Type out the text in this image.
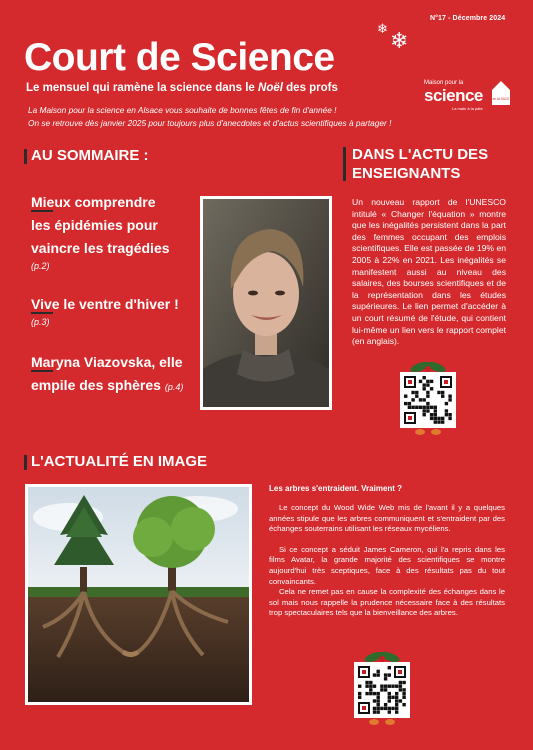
N°17 - Décembre 2024
❄ ❄
Court de Science
Le mensuel qui ramène la science dans le Noël des profs	Maison pour la
science
La main à la pâte
en ALSACE
La Maison pour la science en Alsace vous souhaite de bonnes fêtes de fin d'année !
On se retrouve dès janvier 2025 pour toujours plus d'anecdotes et d'actus scientifiques à partager !
AU SOMMAIRE :
Mieux comprendre
les épidémies pour
vaincre les tragédies
(p.2)
Vive le ventre d'hiver !
(p.3)
Maryna Viazovska, elle
empile des sphères (p.4)
DANS L'ACTU DES
ENSEIGNANTS
Un nouveau rapport de l'UNESCO intitulé « Changer l'équation » montre que les inégalités persistent dans la part des femmes occupant des emplois scientifiques. Elle est passée de 19% en 2005 à 22% en 2021. Les inégalités se manifestent aussi au niveau des salaires, des bourses scientifiques et de la représentation dans les études supérieures. Le lien permet d'accéder à un court résumé de l'étude, qui contient lui-même un lien vers le rapport complet (en anglais).
L'ACTUALITÉ EN IMAGE
Les arbres s'entraident. Vraiment ?

Le concept du Wood Wide Web mis de l'avant il y a quelques années stipule que les arbres communiquent et s'entraident par des échanges souterrains utilisant les réseaux mycéliens.

Si ce concept a séduit James Cameron, qui l'a repris dans les films Avatar, la grande majorité des scientifiques se montre aujourd'hui très sceptiques, face à des résultats pas du tout convaincants.

Cela ne remet pas en cause la complexité des échanges dans le sol mais nous rappelle la prudence nécessaire face à des résultats trop spectaculaires tels que la bienveillance des arbres.
